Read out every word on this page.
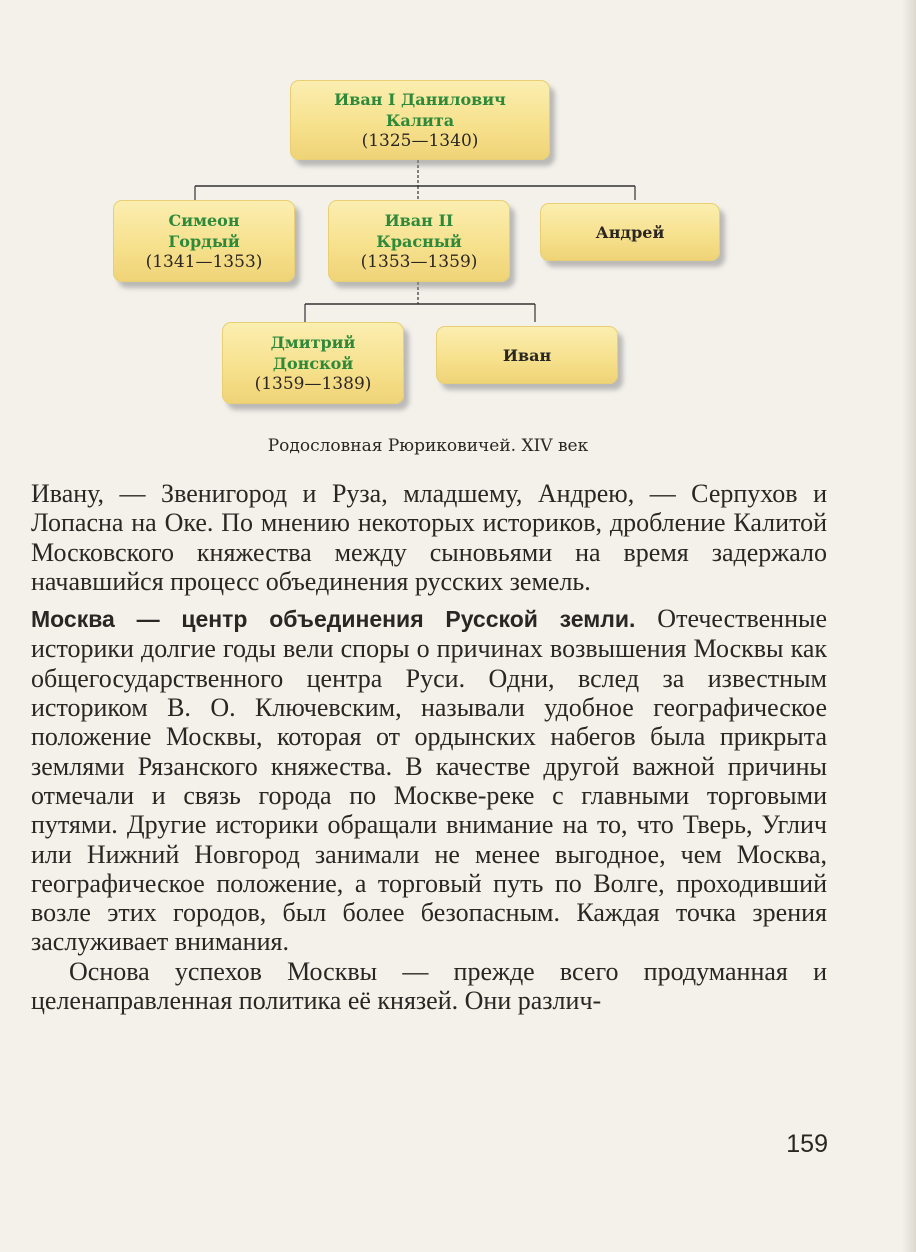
Иван I Данилович
Калита
(1325—1340)
Симеон
Гордый
(1341—1353)
Иван II
Красный
(1353—1359)
Андрей
Дмитрий
Донской
(1359—1389)
Иван
Родословная Рюриковичей. XIV век

Ивану, — Звенигород и Руза, младшему, Андрею, — Серпухов и Лопасна на Оке. По мнению некоторых историков, дробление Калитой Московского княжества между сыновьями на время задержало начавшийся процесс объединения русских земель.

Москва — центр объединения Русской земли. Отечественные историки долгие годы вели споры о причинах возвышения Москвы как общегосударственного центра Руси. Одни, вслед за известным историком В. О. Ключевским, называли удобное географическое положение Москвы, которая от ордынских набегов была прикрыта землями Рязанского княжества. В качестве другой важной причины отмечали и связь города по Москве-реке с главными торговыми путями. Другие историки обращали внимание на то, что Тверь, Углич или Нижний Новгород занимали не менее выгодное, чем Москва, географическое положение, а торговый путь по Волге, проходивший возле этих городов, был более безопасным. Каждая точка зрения заслуживает внимания.

Основа успехов Москвы — прежде всего продуманная и целенаправленная политика её князей. Они различ-

159
